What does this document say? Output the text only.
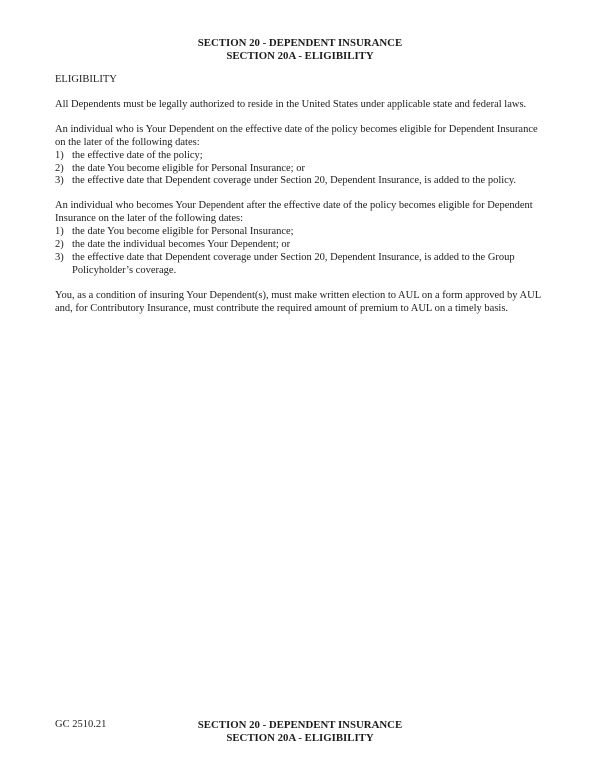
SECTION 20 - DEPENDENT INSURANCE
SECTION 20A - ELIGIBILITY
ELIGIBILITY

All Dependents must be legally authorized to reside in the United States under applicable state and federal laws.

An individual who is Your Dependent on the effective date of the policy becomes eligible for Dependent Insurance on the later of the following dates:

1) the effective date of the policy;
2) the date You become eligible for Personal Insurance; or
3) the effective date that Dependent coverage under Section 20, Dependent Insurance, is added to the policy.

An individual who becomes Your Dependent after the effective date of the policy becomes eligible for Dependent Insurance on the later of the following dates:

1) the date You become eligible for Personal Insurance;
2) the date the individual becomes Your Dependent; or
3) the effective date that Dependent coverage under Section 20, Dependent Insurance, is added to the Group Policyholder’s coverage.

You, as a condition of insuring Your Dependent(s), must make written election to AUL on a form approved by AUL and, for Contributory Insurance, must contribute the required amount of premium to AUL on a timely basis.

GC 2510.21	SECTION 20 - DEPENDENT INSURANCE
SECTION 20A - ELIGIBILITY
